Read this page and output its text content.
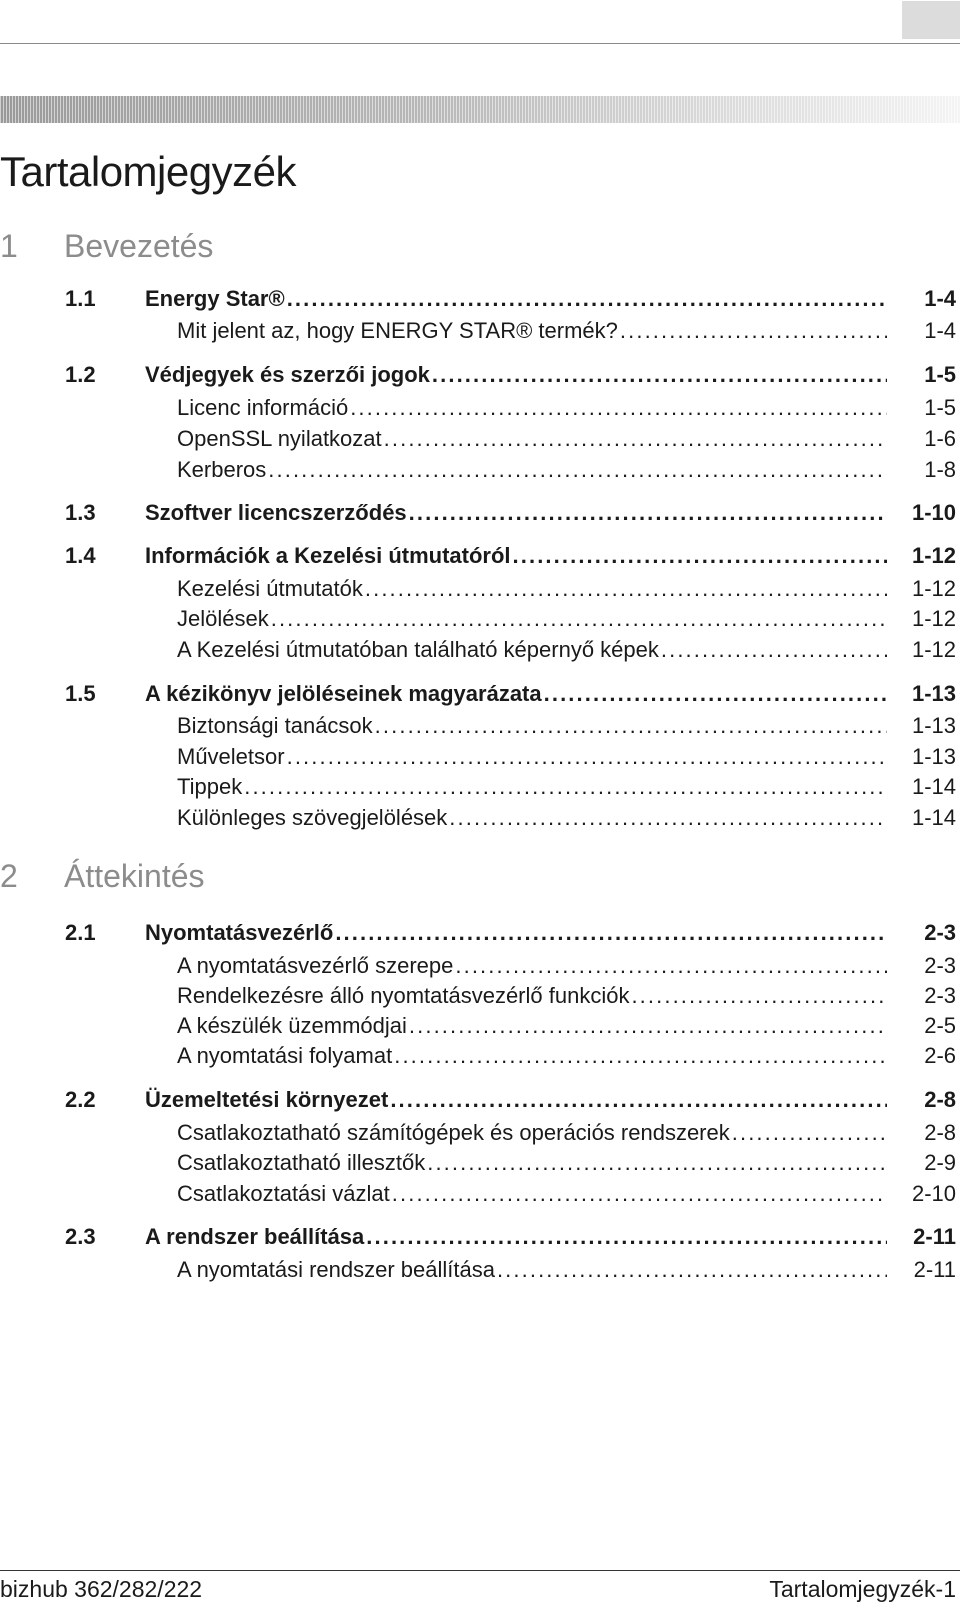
Tartalomjegyzék
1 Bevezetés
1.1 Energy Star® . . .	1-4
Mit jelent az, hogy ENERGY STAR® termék? . . .	1-4
1.2 Védjegyek és szerzői jogok . . .	1-5
Licenc információ . . .	1-5
OpenSSL nyilatkozat . . .	1-6
Kerberos . . .	1-8
1.3 Szoftver licencszerződés . . .	1-10
1.4 Információk a Kezelési útmutatóról . . .	1-12
Kezelési útmutatók . . .	1-12
Jelölések . . .	1-12
A Kezelési útmutatóban található képernyő képek . . .	1-12
1.5 A kézikönyv jelöléseinek magyarázata . . .	1-13
Biztonsági tanácsok . . .	1-13
Műveletsor . . .	1-13
Tippek . . .	1-14
Különleges szövegjelölések . . .	1-14
2 Áttekintés
2.1 Nyomtatásvezérlő . . .	2-3
A nyomtatásvezérlő szerepe . . .	2-3
Rendelkezésre álló nyomtatásvezérlő funkciók . . .	2-3
A készülék üzemmódjai . . .	2-5
A nyomtatási folyamat . . .	2-6
2.2 Üzemeltetési környezet . . .	2-8
Csatlakoztatható számítógépek és operációs rendszerek . . .	2-8
Csatlakoztatható illesztők . . .	2-9
Csatlakoztatási vázlat . . .	2-10
2.3 A rendszer beállítása . . .	2-11
A nyomtatási rendszer beállítása . . .	2-11
bizhub 362/282/222	Tartalomjegyzék-1
